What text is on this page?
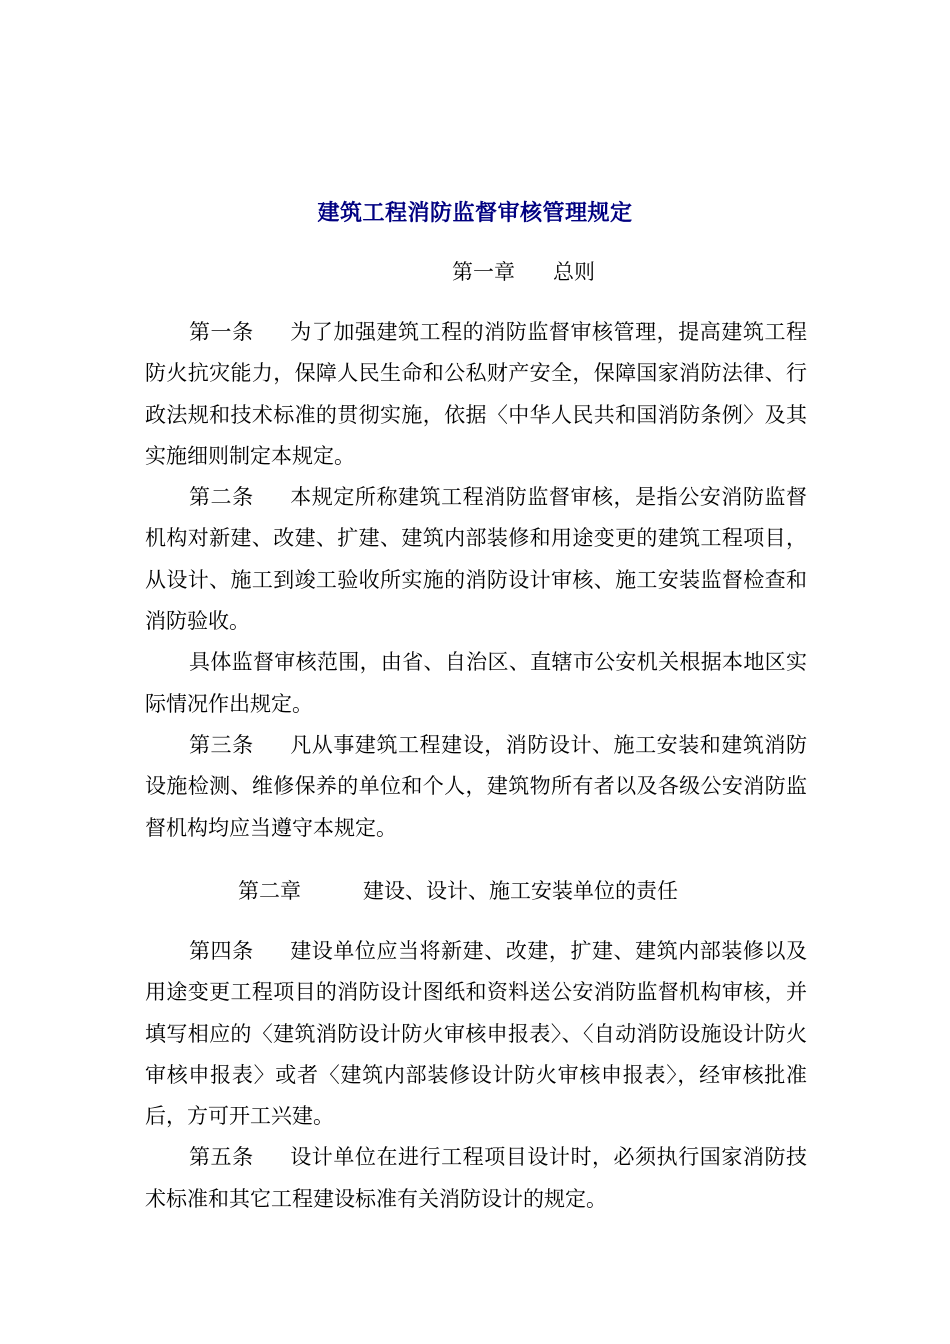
建筑工程消防监督审核管理规定
第一章 总则

第一条 为了加强建筑工程的消防监督审核管理，提高建筑工程防火抗灾能力，保障人民生命和公私财产安全，保障国家消防法律、行政法规和技术标准的贯彻实施，依据〈中华人民共和国消防条例〉及其实施细则制定本规定。

第二条 本规定所称建筑工程消防监督审核，是指公安消防监督机构对新建、改建、扩建、建筑内部装修和用途变更的建筑工程项目，从设计、施工到竣工验收所实施的消防设计审核、施工安装监督检查和消防验收。

具体监督审核范围，由省、自治区、直辖市公安机关根据本地区实际情况作出规定。

第三条 凡从事建筑工程建设，消防设计、施工安装和建筑消防设施检测、维修保养的单位和个人，建筑物所有者以及各级公安消防监督机构均应当遵守本规定。

第二章	建设、设计、施工安装单位的责任

第四条 建设单位应当将新建、改建，扩建、建筑内部装修以及用途变更工程项目的消防设计图纸和资料送公安消防监督机构审核，并填写相应的〈建筑消防设计防火审核申报表〉、〈自动消防设施设计防火审核申报表〉或者〈建筑内部装修设计防火审核申报表〉，经审核批准后，方可开工兴建。

第五条 设计单位在进行工程项目设计时，必须执行国家消防技术标准和其它工程建设标准有关消防设计的规定。
